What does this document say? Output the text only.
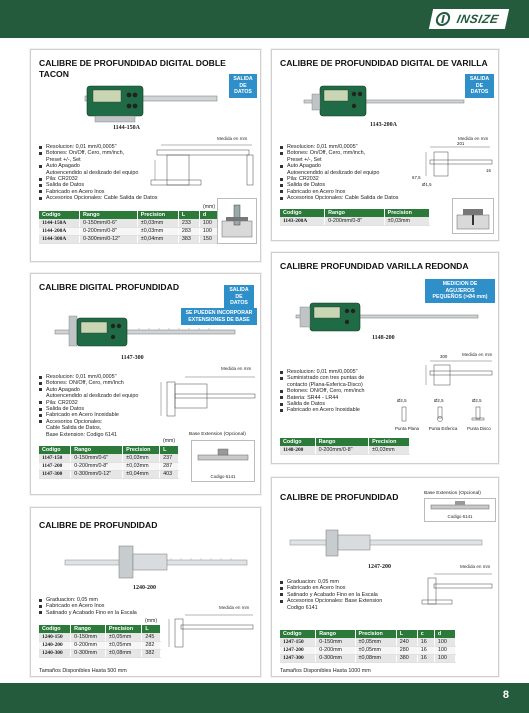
INSIZE
CALIBRE DE PROFUNDIDAD DIGITAL DOBLE
TACON
SALIDA
DE DATOS
1144-150A
Medida en mm
Resolucion: 0,01 mm/0,0005"
Botones: On/Off, Cero, mm/inch,
Preset +/-, Set
Auto Apagado
Autoencendido al deslizado del equipo
Pila: CR2032
Salida de Datos
Fabricado en Acero Inox
Accesorios Opcionales: Cable Salida de Datos
(mm)
Codigo	Rango	Precision	L	d
1144-150A	0-150mm/0-6"	±0,03mm	233	100
1144-200A	0-200mm/0-8"	±0,03mm	283	100
1144-300A	0-300mm/0-12"	±0,04mm	383	150
CALIBRE DE PROFUNDIDAD DIGITAL DE VARILLA
SALIDA
DE DATOS
1143-200A
Medida en mm
201
16
67,5
Ø1,5
Resolucion: 0,01 mm/0,0005"
Botones: On/Off, Cero, mm/inch,
Preset +/-, Set
Auto Apagado
Autoencendido al deslizado del equipo
Pila: CR2032
Salida de Datos
Fabricado en Acero Inox
Accesorios Opcionales: Cable Salida de Datos
Codigo	Rango	Precision
1143-200A	0-200mm/0-8"	±0,03mm
CALIBRE DIGITAL PROFUNDIDAD	SALIDA
DE DATOS
SE PUEDEN INCORPORAR
EXTENSIONES DE BASE
1147-300
Medida en mm
Resolucion: 0,01 mm/0,0005"
Botones: ON/Off, Cero, mm/Inch
Auto Apagado
Autoencendido al deslizado del equipo
Pila: CR2032
Salida de Datos
Fabricado en Acero Inoxidable
Accesorios Opcionales:
Cable Salida de Datos,
Base Extension: Codigo 6141
(mm)
Codigo	Rango	Precision	L
1147-150	0-150mm/0-6"	±0,03mm	237
1147-200	0-200mm/0-8"	±0,03mm	287
1147-300	0-300mm/0-12"	±0,04mm	403
Base Extension (Opcional)
Codigo 6141
CALIBRE PROFUNDIDAD VARILLA REDONDA
MEDICION DE AGUJEROS
PEQUEÑOS (>Ø4 mm)
1148-200
Medida en mm
300
Ø2,5	Ø2,5	Ø2,5
Punta Plana	Punta Esferica	Punta Disco
Resolucion: 0,01 mm/0,0005"
Suministrado con tres puntas de
contacto (Plana-Esferica-Disco)
Botones: ON/Off, Cero, mm/inch
Bateria: SR44 - LR44
Salida de Datos
Fabricado en Acero Inoxidable
Codigo	Rango	Precision
1148-200	0-200mm/0-8"	±0,03mm
CALIBRE DE PROFUNDIDAD
1240-200
Graduacion: 0,05 mm
Fabricado en Acero Inox
Satinado y Acabado Fino en la Escala
Medida en mm
(mm)
Codigo	Rango	Precision	L
1240-150	0-150mm	±0,05mm	245
1240-200	0-200mm	±0,05mm	282
1240-300	0-300mm	±0,08mm	382
Tamaños Disponibles Hasta 500 mm
CALIBRE DE PROFUNDIDAD	Base Extension (Opcional)
Codigo 6141
1247-200	Medida en mm
Graduacion: 0,05 mm
Fabricado en Acero Inox
Satinado y Acabado Fino en la Escala
Accesorios Opcionales: Base Extension
Codigo 6141
Codigo	Rango	Precision	L	c	d
1247-150	0-150mm	±0,05mm	240	16	100
1247-200	0-200mm	±0,05mm	280	16	100
1247-300	0-300mm	±0,08mm	380	16	100
Tamaños Disponibles Hasta 1000 mm
8
